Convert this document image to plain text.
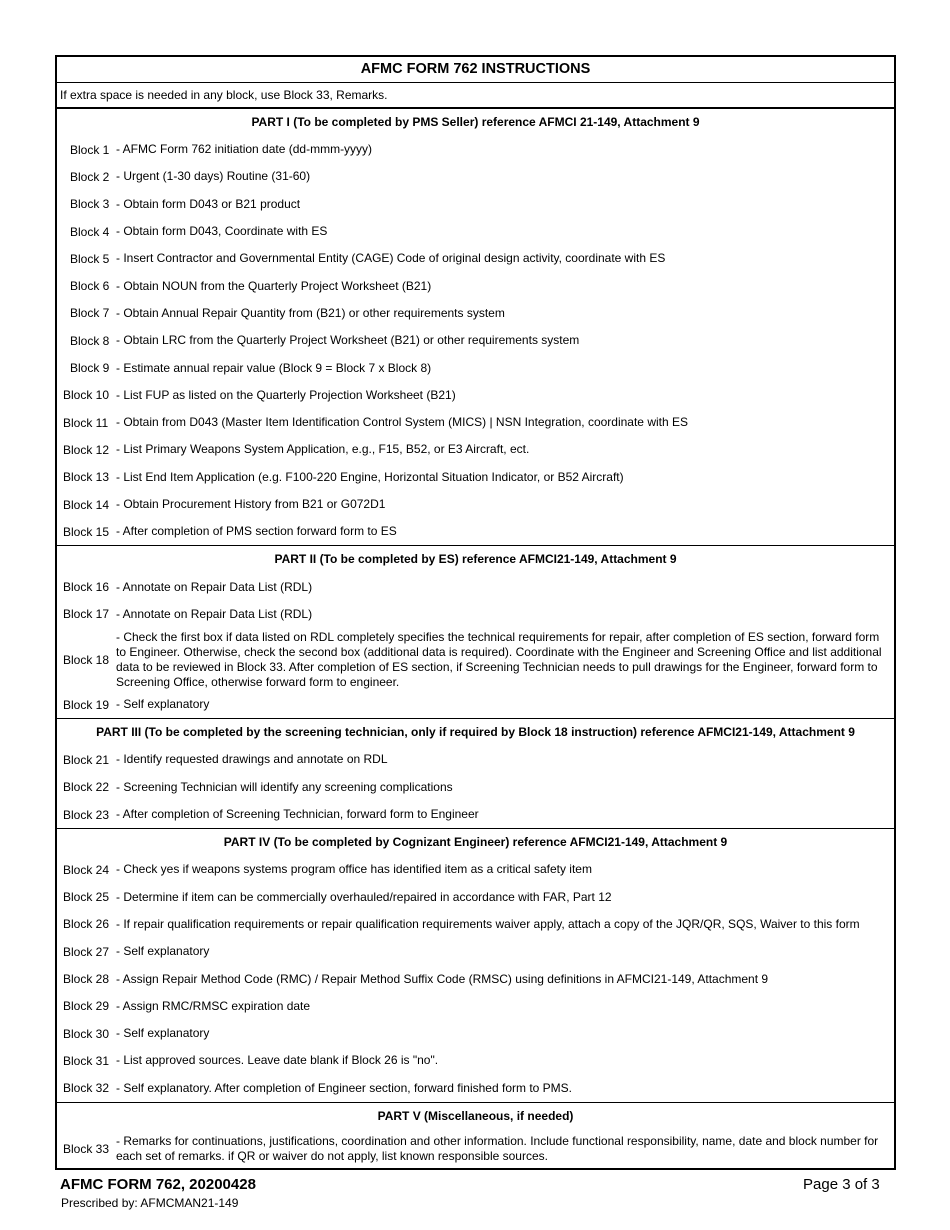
AFMC FORM 762 INSTRUCTIONS
If extra space is needed in any block, use Block 33, Remarks.
PART I (To be completed by PMS Seller) reference AFMCI 21-149, Attachment 9
Block 1 - AFMC Form 762 initiation date (dd-mmm-yyyy)
Block 2 - Urgent (1-30 days) Routine (31-60)
Block 3 - Obtain form D043 or B21 product
Block 4 - Obtain form D043, Coordinate with ES
Block 5 - Insert Contractor and Governmental Entity (CAGE) Code of original design activity, coordinate with ES
Block 6 - Obtain NOUN from the Quarterly Project Worksheet (B21)
Block 7 - Obtain Annual Repair Quantity from (B21) or other requirements system
Block 8 - Obtain LRC from the Quarterly Project Worksheet (B21) or other requirements system
Block 9 - Estimate annual repair value (Block 9 = Block 7 x Block 8)
Block 10 - List FUP as listed on the Quarterly Projection Worksheet (B21)
Block 11 - Obtain from D043 (Master Item Identification Control System (MICS) | NSN Integration, coordinate with ES
Block 12 - List Primary Weapons System Application, e.g., F15, B52, or E3 Aircraft, ect.
Block 13 - List End Item Application (e.g. F100-220 Engine, Horizontal Situation Indicator, or B52 Aircraft)
Block 14 - Obtain Procurement History from B21 or G072D1
Block 15 - After completion of PMS section forward form to ES
PART II (To be completed by ES) reference AFMCI21-149, Attachment 9
Block 16 - Annotate on Repair Data List (RDL)
Block 17 - Annotate on Repair Data List (RDL)
Block 18
- Check the first box if data listed on RDL completely specifies the technical requirements for repair, after completion of ES section, forward form to Engineer. Otherwise, check the second box (additional data is required). Coordinate with the Engineer and Screening Office and list additional data to be reviewed in Block 33. After completion of ES section, if Screening Technician needs to pull drawings for the Engineer, forward form to Screening Office, otherwise forward form to engineer.
Block 19 - Self explanatory
PART III (To be completed by the screening technician, only if required by Block 18 instruction) reference AFMCI21-149, Attachment 9
Block 21 - Identify requested drawings and annotate on RDL
Block 22 - Screening Technician will identify any screening complications
Block 23 - After completion of Screening Technician, forward form to Engineer
PART IV (To be completed by Cognizant Engineer) reference AFMCI21-149, Attachment 9
Block 24 - Check yes if weapons systems program office has identified item as a critical safety item
Block 25 - Determine if item can be commercially overhauled/repaired in accordance with FAR, Part 12
Block 26 - If repair qualification requirements or repair qualification requirements waiver apply, attach a copy of the JQR/QR, SQS, Waiver to this form
Block 27 - Self explanatory
Block 28 - Assign Repair Method Code (RMC) / Repair Method Suffix Code (RMSC) using definitions in AFMCI21-149, Attachment 9
Block 29 - Assign RMC/RMSC expiration date
Block 30 - Self explanatory
Block 31 - List approved sources. Leave date blank if Block 26 is "no".
Block 32 - Self explanatory. After completion of Engineer section, forward finished form to PMS.
PART V (Miscellaneous, if needed)
Block 33
- Remarks for continuations, justifications, coordination and other information. Include functional responsibility, name, date and block number for each set of remarks. if QR or waiver do not apply, list known responsible sources.
AFMC FORM 762, 20200428
Prescribed by: AFMCMAN21-149
Page 3 of 3
